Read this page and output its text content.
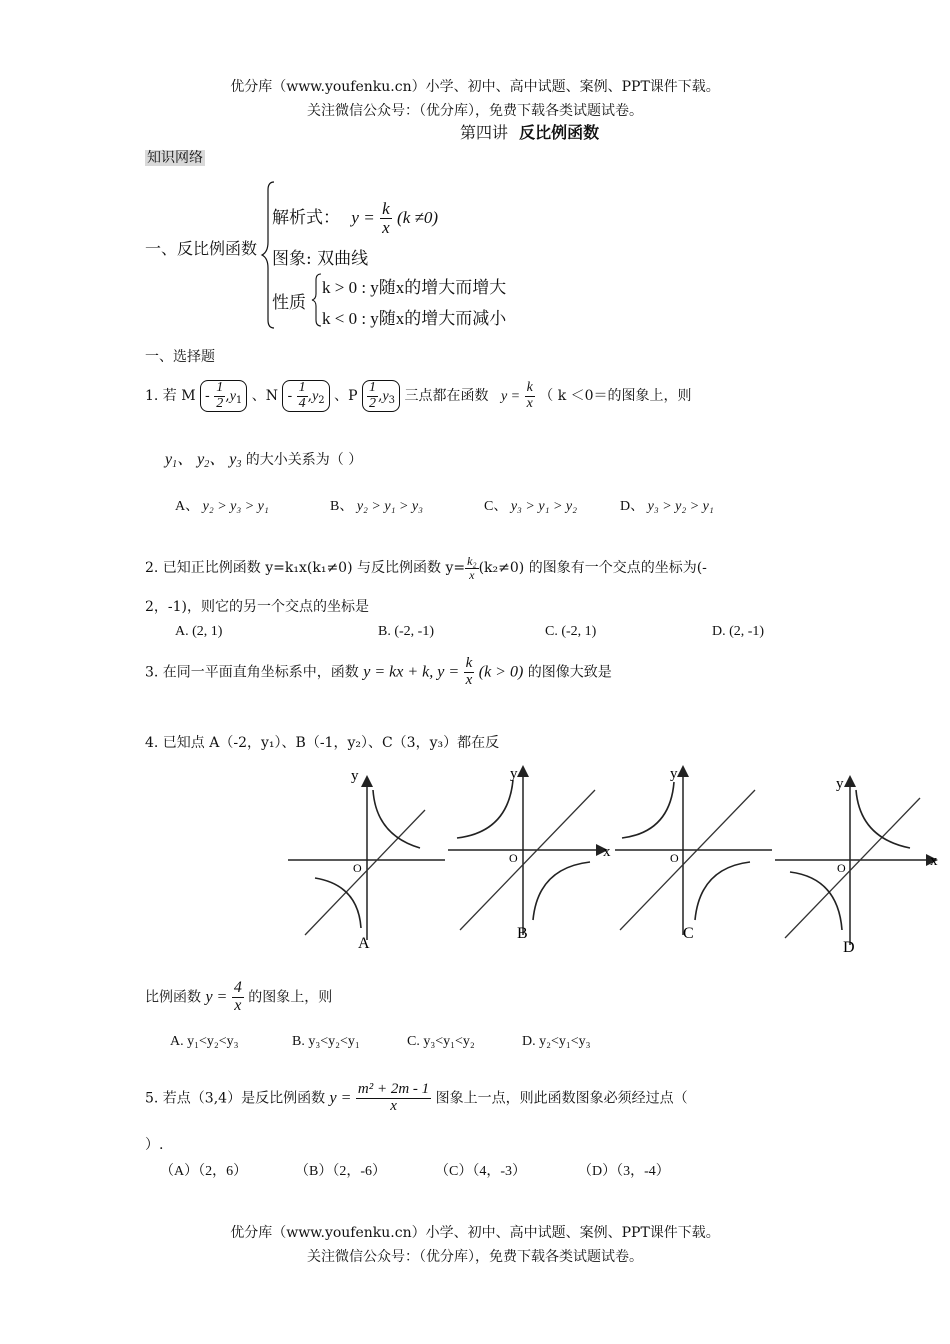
优分库（www.youfenku.cn）小学、初中、高中试题、案例、PPT课件下载。
关注微信公众号：（优分库），免费下载各类试题试卷。
第四讲 反比例函数
知识网络
一、反比例函数
解析式： $y = \frac{k}{x} (k \ne 0)$
图象: 双曲线
性质
k > 0 : y随x的增大而增大
k < 0 : y随x的增大而减小
一、选择题
1. 若 M - $\frac{1}{2} ,y_1$ 、N - $\frac{1}{4} ,y_2$ 、P $\frac{1}{2} ,y_3$ 三点都在函数 $y = \frac{k}{x}$ （ k ＜0＝的图象上，则
$y_1$、 $y_2$、 $y_3$ 的大小关系为（ ）
A、 y₂ > y₃ > y₁	B、 y₂ > y₁ > y₃	C、 y₃ > y₁ > y₂	D、 y₃ > y₂ > y₁
2. 已知正比例函数 y=k₁x(k₁≠0) 与反比例函数 $y= \frac{\text{k₂}}{x} (k_2\ne 0)$ 的图象有一个交点的坐标为(-
2，-1)，则它的另一个交点的坐标是
A. (2, 1)	B. (-2, -1)	C. (-2, 1)	D. (2, -1)
3. 在同一平面直角坐标系中，函数 y = kx + k, $y = \frac{k}{x} (k > 0)$ 的图像大致是
4. 已知点 A（-2，y₁）、B（-1，y₂）、C（3，y₃）都在反
y
O
A
y
O	x
B
y
O
C
y
O	x
D
比例函数 $y = \frac{4}{x}$ 的图象上，则
A. y₁<y₂<y₃	B. y₃<y₂<y₁	C. y₃<y₁<y₂	D. y₂<y₁<y₃
5. 若点（3,4）是反比例函数 $y = \frac{\text{m² + 2m - 1}}{x}$ 图象上一点，则此函数图象必须经过点（
）.
（A）（2，6）	（B）（2，-6）	（C）（4，-3）	（D）（3，-4）
优分库（www.youfenku.cn）小学、初中、高中试题、案例、PPT课件下载。
关注微信公众号：（优分库），免费下载各类试题试卷。
